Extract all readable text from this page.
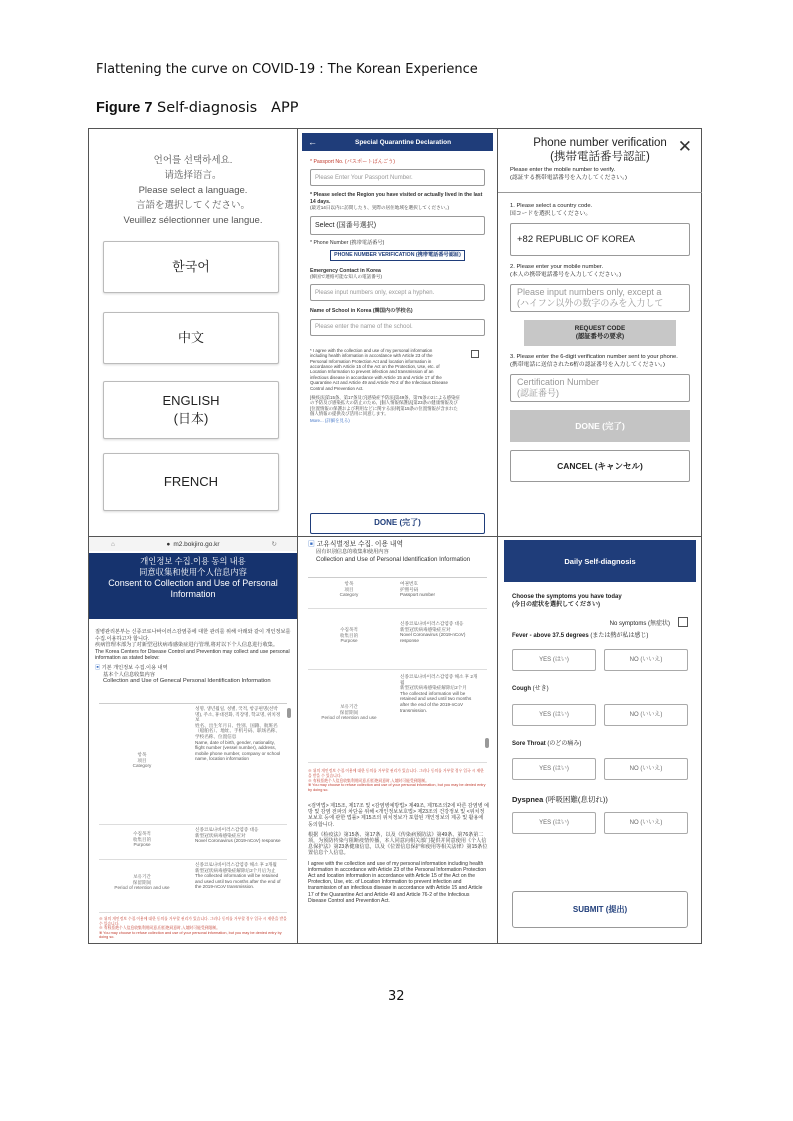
Flattening the curve on COVID-19 : The Korean Experience
Figure 7 Self-diagnosis   APP
언어를 선택하세요.
请选择语言。
Please select a language.
言語を選択してください。
Veuillez sélectionner une langue.
한국어
中文
ENGLISH
(日本)
FRENCH
←	Special Quarantine Declaration
* Passport No. (パスポートばんごう)
Please Enter Your Passport Number.
* Please select the Region you have visited or actually lived in the last 14 days.
(最近14日以内に訪問したり、実際の居住地域を選択してください。)
Select (国番号選択)
* Phone Number (携帯電話番号)
PHONE NUMBER VERIFICATION (携帯電話番号認証)
Emergency Contact in Korea
(韓国で連絡可能な知人の電話番号)
Please input numbers only, except a hyphen.
Name of School in Korea (韓国内の学校名)
Please enter the name of the school.
* I agree with the collection and use of my personal information including health information in accordance with Article 23 of the Personal Information Protection Act and location information in accordance with Article 15 of the Act on the Protection, Use, etc. of Location Information to prevent infection and transmission of an infectious disease in accordance with Article 15 and Article 17 of the Quarantine Act and Article 49 and Article 76-2 of the Infectious Disease Control and Prevention Act.
[検疫法]第15条、第17条及び[感染症予防法]第49条、第76条の2による感染症の予防及び感染拡大の防止のため、[個人情報保護法]第23条の健康情報及び[位置情報の保護および利用などに関する法律]第15条の位置情報が含まれた個人情報の提供及び活用に同意します。
More... (詳細を見る)
DONE (完了)
Phone number verification
(携帯電話番号認証)
✕
Please enter the mobile number to verify.
(認証する携帯電話番号を入力してください。)
1. Please select a country code.
国コードを選択してください。
+82 REPUBLIC OF KOREA
2. Please enter your mobile number.
(本人の携帯電話番号を入力してください。)
Please input numbers only, except a
(ハイフン以外の数字のみを入力して
REQUEST CODE
(認証番号の要求)
3. Please enter the 6-digit verification number sent to your phone.
(携帯電話に送信された6桁の認証番号を入力してください。)
Certification Number
(認証番号)
DONE (完了)
CANCEL (キャンセル)
⌂	● m2.bokjiro.go.kr	↻
개인정보 수집.이용 동의 내용
同意収集和使用个人信息内容
Consent to Collection and Use of Personal Information
질병관리본부는 신종코로나바이러스감염증에 대한 관리를 위해 아래와 같이 개인정보를 수집.이용하고자 합니다.
疾病管理本部为了对新型冠状病毒感染症进行管理,将对以下个人信息进行收集。
The Korea Centers for Disease Control and Prevention may collect and use personal information as stated below:
▣ 기본 개인정보 수집.이용 내역
基本个人信息收集内容
Collection and Use of Genecal Personal Identification Information
항목
项目
Category
성명, 생년월일, 성별, 국적, 항공편명(선박명), 주소, 휴대전화, 직장명, 학교명, 위치정보
姓名、出生年月日、性别、国籍、航班名（船舶名）、地址、手机号码、职场名称、学校名称、位置信息
Name, date of birth, gender, nationality, flight number (vessel number), address, mobile phone number, company or school name, location information
수집목적
收集目的
Purpose
신종코로나바이러스감염증 대응
新型冠状病毒感染症应对
Novel Coronavirus (2019-nCoV) response
보유기간
保留期间
Period of retention and use
신종코로나바이러스감염증 해소 후 2개월
新型冠状病毒感染症解除后2个月后为止
The collected information will be retained and used until two months after the end of the 2019-nCoV transmission.
※ 위의 개인정보 수집.이용에 대한 동의를 거부할 권리가 있습니다. 그러나 동의를 거부할 경우 입국 시 제한을 받을 수 있습니다.
※ 有权拒绝个人信息收集利用同意,但拒绝同意时,入境时可能受到限制。
※ You may choose to refuse collection and use of your personal information, but you may be denied entry by doing so.
▣ 고유식별정보 수집. 이용 내역
固有识别信息的收集和使用内容
Collection and Use of Personal Identification Information
항목
项目
Category
여권번호
护照号码
Passport number
수집목적
收集目的
Purpose
신종코로나바이러스감염증 대응
新型冠状病毒感染症应对
Novel Coronavirus (2019-nCoV) response
보유기간
保留期间
Period of retention and use
신종코로나바이러스감염증 해소 후 2개월
新型冠状病毒感染症解除后2个月
The collected information will be retained and used until two months after the end of the 2019-nCoV transmission.
※ 위의 개인정보 수집.이용에 대한 동의를 거부할 권리가 있습니다. 그러나 동의를 거부할 경우 입국 시 제한을 받을 수 있습니다.
※ 有权拒绝个人信息收集利用同意,但拒绝同意时,入境时可能受到限制。
※ You may choose to refuse collection and use of your personal information, but you may be denied entry by doing so.
<검역법> 제15조, 제17조 및 <감염병예방법> 제49조, 제76조의2에 따른 감염병 예방 및 감염 전파의 차단을 위해 <개인정보보호법> 제23조의 건강정보 및 <위치정보보호 등에 관한 법률> 제15조의 위치정보가 포함된 개인정보의 제공 및 활용에 동의합니다.
根据《检疫法》第15条、第17条，以及《传染病预防法》第49条、第76条第二项，为预防传染与阻断疫情传播，本人同意向相关部门提供并同意使用《个人信息保护法》第23条健康信息，以及《位置信息保护和使用等相关法律》第15条位置信息个人信息。
I agree with the collection and use of my personal information including health information in accordance with Article 23 of the Personal Information Protection Act and location information in accordance with Article 15 of the Act on the Protection, Use, etc. of Location Information to prevent infection and transmission of an infectious disease in accordance with Article 15 and Article 17 of the Quarantine Act and Article 49 and Article 76-2 of the Infectious Disease Control and Prevention Act.
Daily Self-diagnosis
Choose the symptoms you have today
(今日の症状を選択してください)
No symptoms (無症状)
Fever - above 37.5 degrees (または熱が私は感じ)
YES (はい)	NO (いいえ)
Cough (せき)
YES (はい)	NO (いいえ)
Sore Throat (のどの痛み)
YES (はい)	NO (いいえ)
Dyspnea (呼吸困難(息切れ))
YES (はい)	NO (いいえ)
SUBMIT (提出)
32
